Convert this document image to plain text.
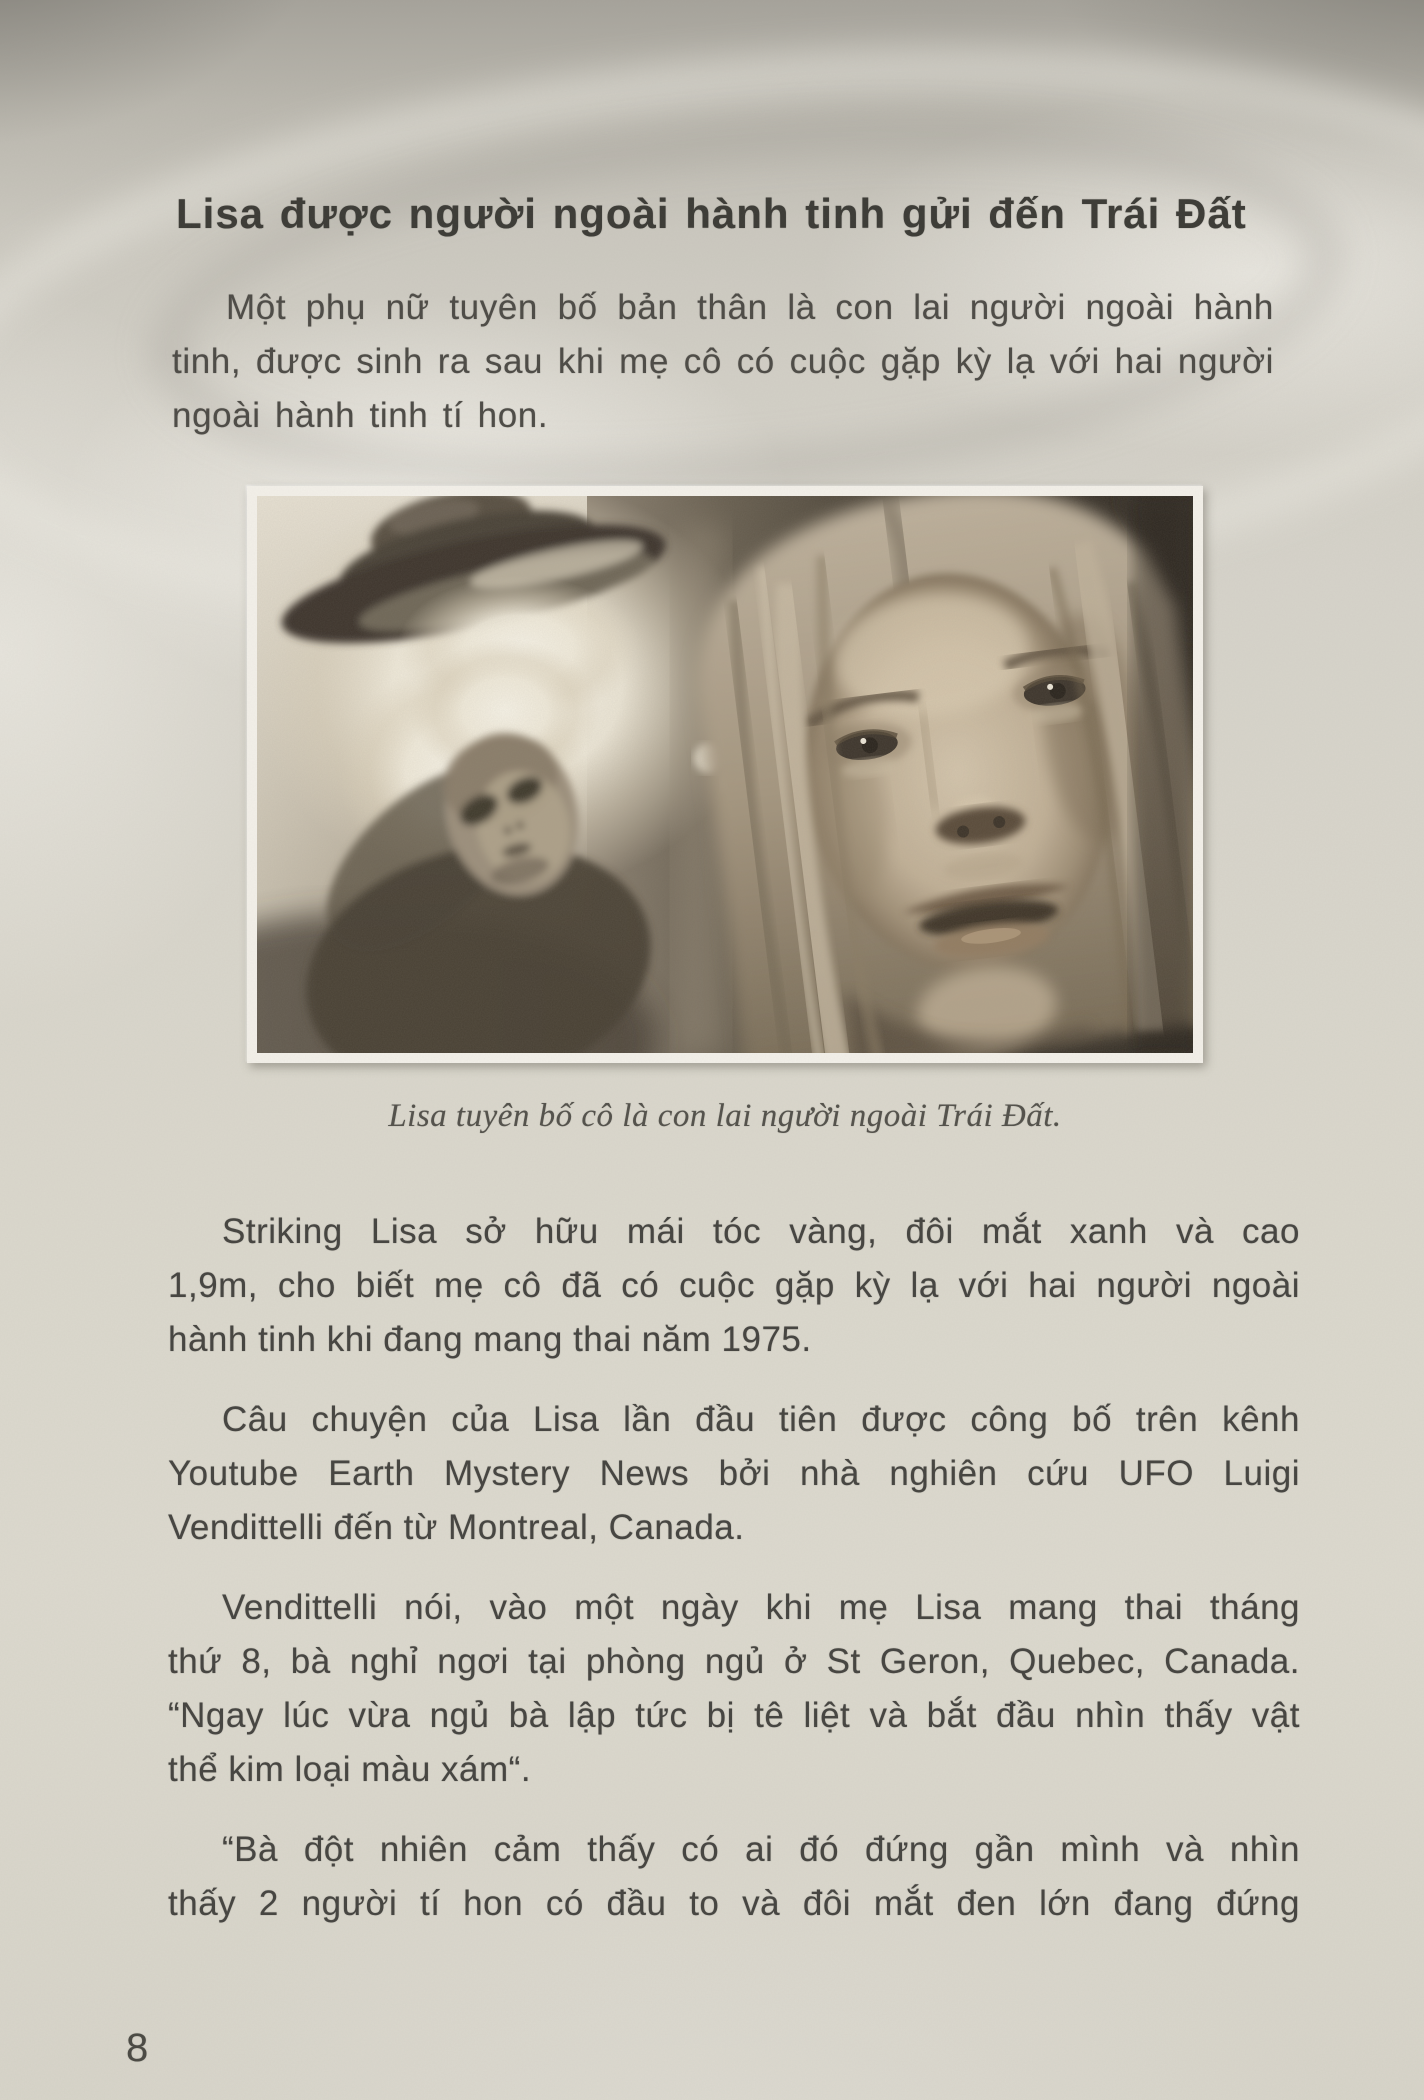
Lisa được người ngoài hành tinh gửi đến Trái Đất
Một phụ nữ tuyên bố bản thân là con lai người ngoài hành
tinh, được sinh ra sau khi mẹ cô có cuộc gặp kỳ lạ với hai người
ngoài hành tinh tí hon.
Lisa tuyên bố cô là con lai người ngoài Trái Đất.
Striking Lisa sở hữu mái tóc vàng, đôi mắt xanh và cao
1,9m, cho biết mẹ cô đã có cuộc gặp kỳ lạ với hai người ngoài
hành tinh khi đang mang thai năm 1975.
Câu chuyện của Lisa lần đầu tiên được công bố trên kênh
Youtube Earth Mystery News bởi nhà nghiên cứu UFO Luigi
Vendittelli đến từ Montreal, Canada.
Vendittelli nói, vào một ngày khi mẹ Lisa mang thai tháng
thứ 8, bà nghỉ ngơi tại phòng ngủ ở St Geron, Quebec, Canada.
“Ngay lúc vừa ngủ bà lập tức bị tê liệt và bắt đầu nhìn thấy vật
thể kim loại màu xám“.
“Bà đột nhiên cảm thấy có ai đó đứng gần mình và nhìn
thấy 2 người tí hon có đầu to và đôi mắt đen lớn đang đứng
8
